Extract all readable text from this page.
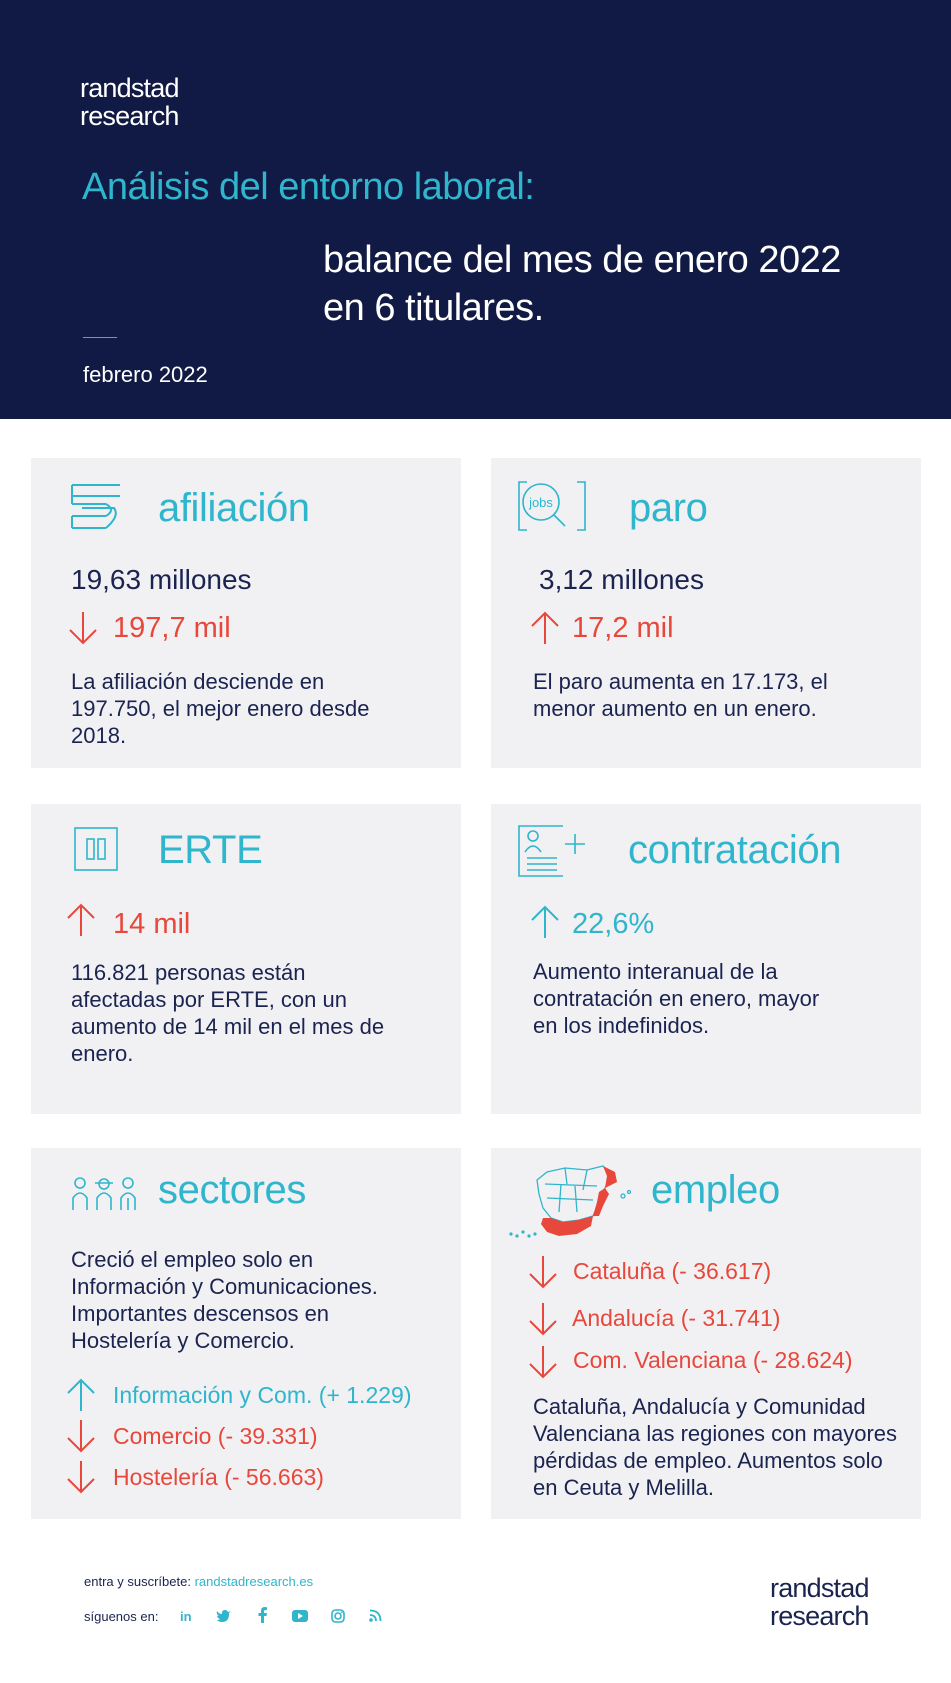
randstad
research
Análisis del entorno laboral:
balance del mes de enero 2022
en 6 titulares.
febrero 2022
afiliación
19,63 millones
197,7 mil
La afiliación desciende en
197.750, el mejor enero desde
2018.
jobs paro
3,12 millones
17,2 mil
El paro aumenta en 17.173, el
menor aumento en un enero.
ERTE
14 mil
116.821 personas están
afectadas por ERTE, con un
aumento de 14 mil en el mes de
enero.
contratación
22,6%
Aumento interanual de la
contratación en enero, mayor
en los indefinidos.
sectores
Creció el empleo solo en
Información y Comunicaciones.
Importantes descensos en
Hostelería y Comercio.
Información y Com. (+ 1.229)
Comercio (- 39.331)
Hostelería (- 56.663)
empleo
Cataluña (- 36.617)
Andalucía (- 31.741)
Com. Valenciana (- 28.624)
Cataluña, Andalucía y Comunidad
Valenciana las regiones con mayores
pérdidas de empleo. Aumentos solo
en Ceuta y Melilla.
entra y suscríbete: randstadresearch.es
síguenos en: in
randstad
research
